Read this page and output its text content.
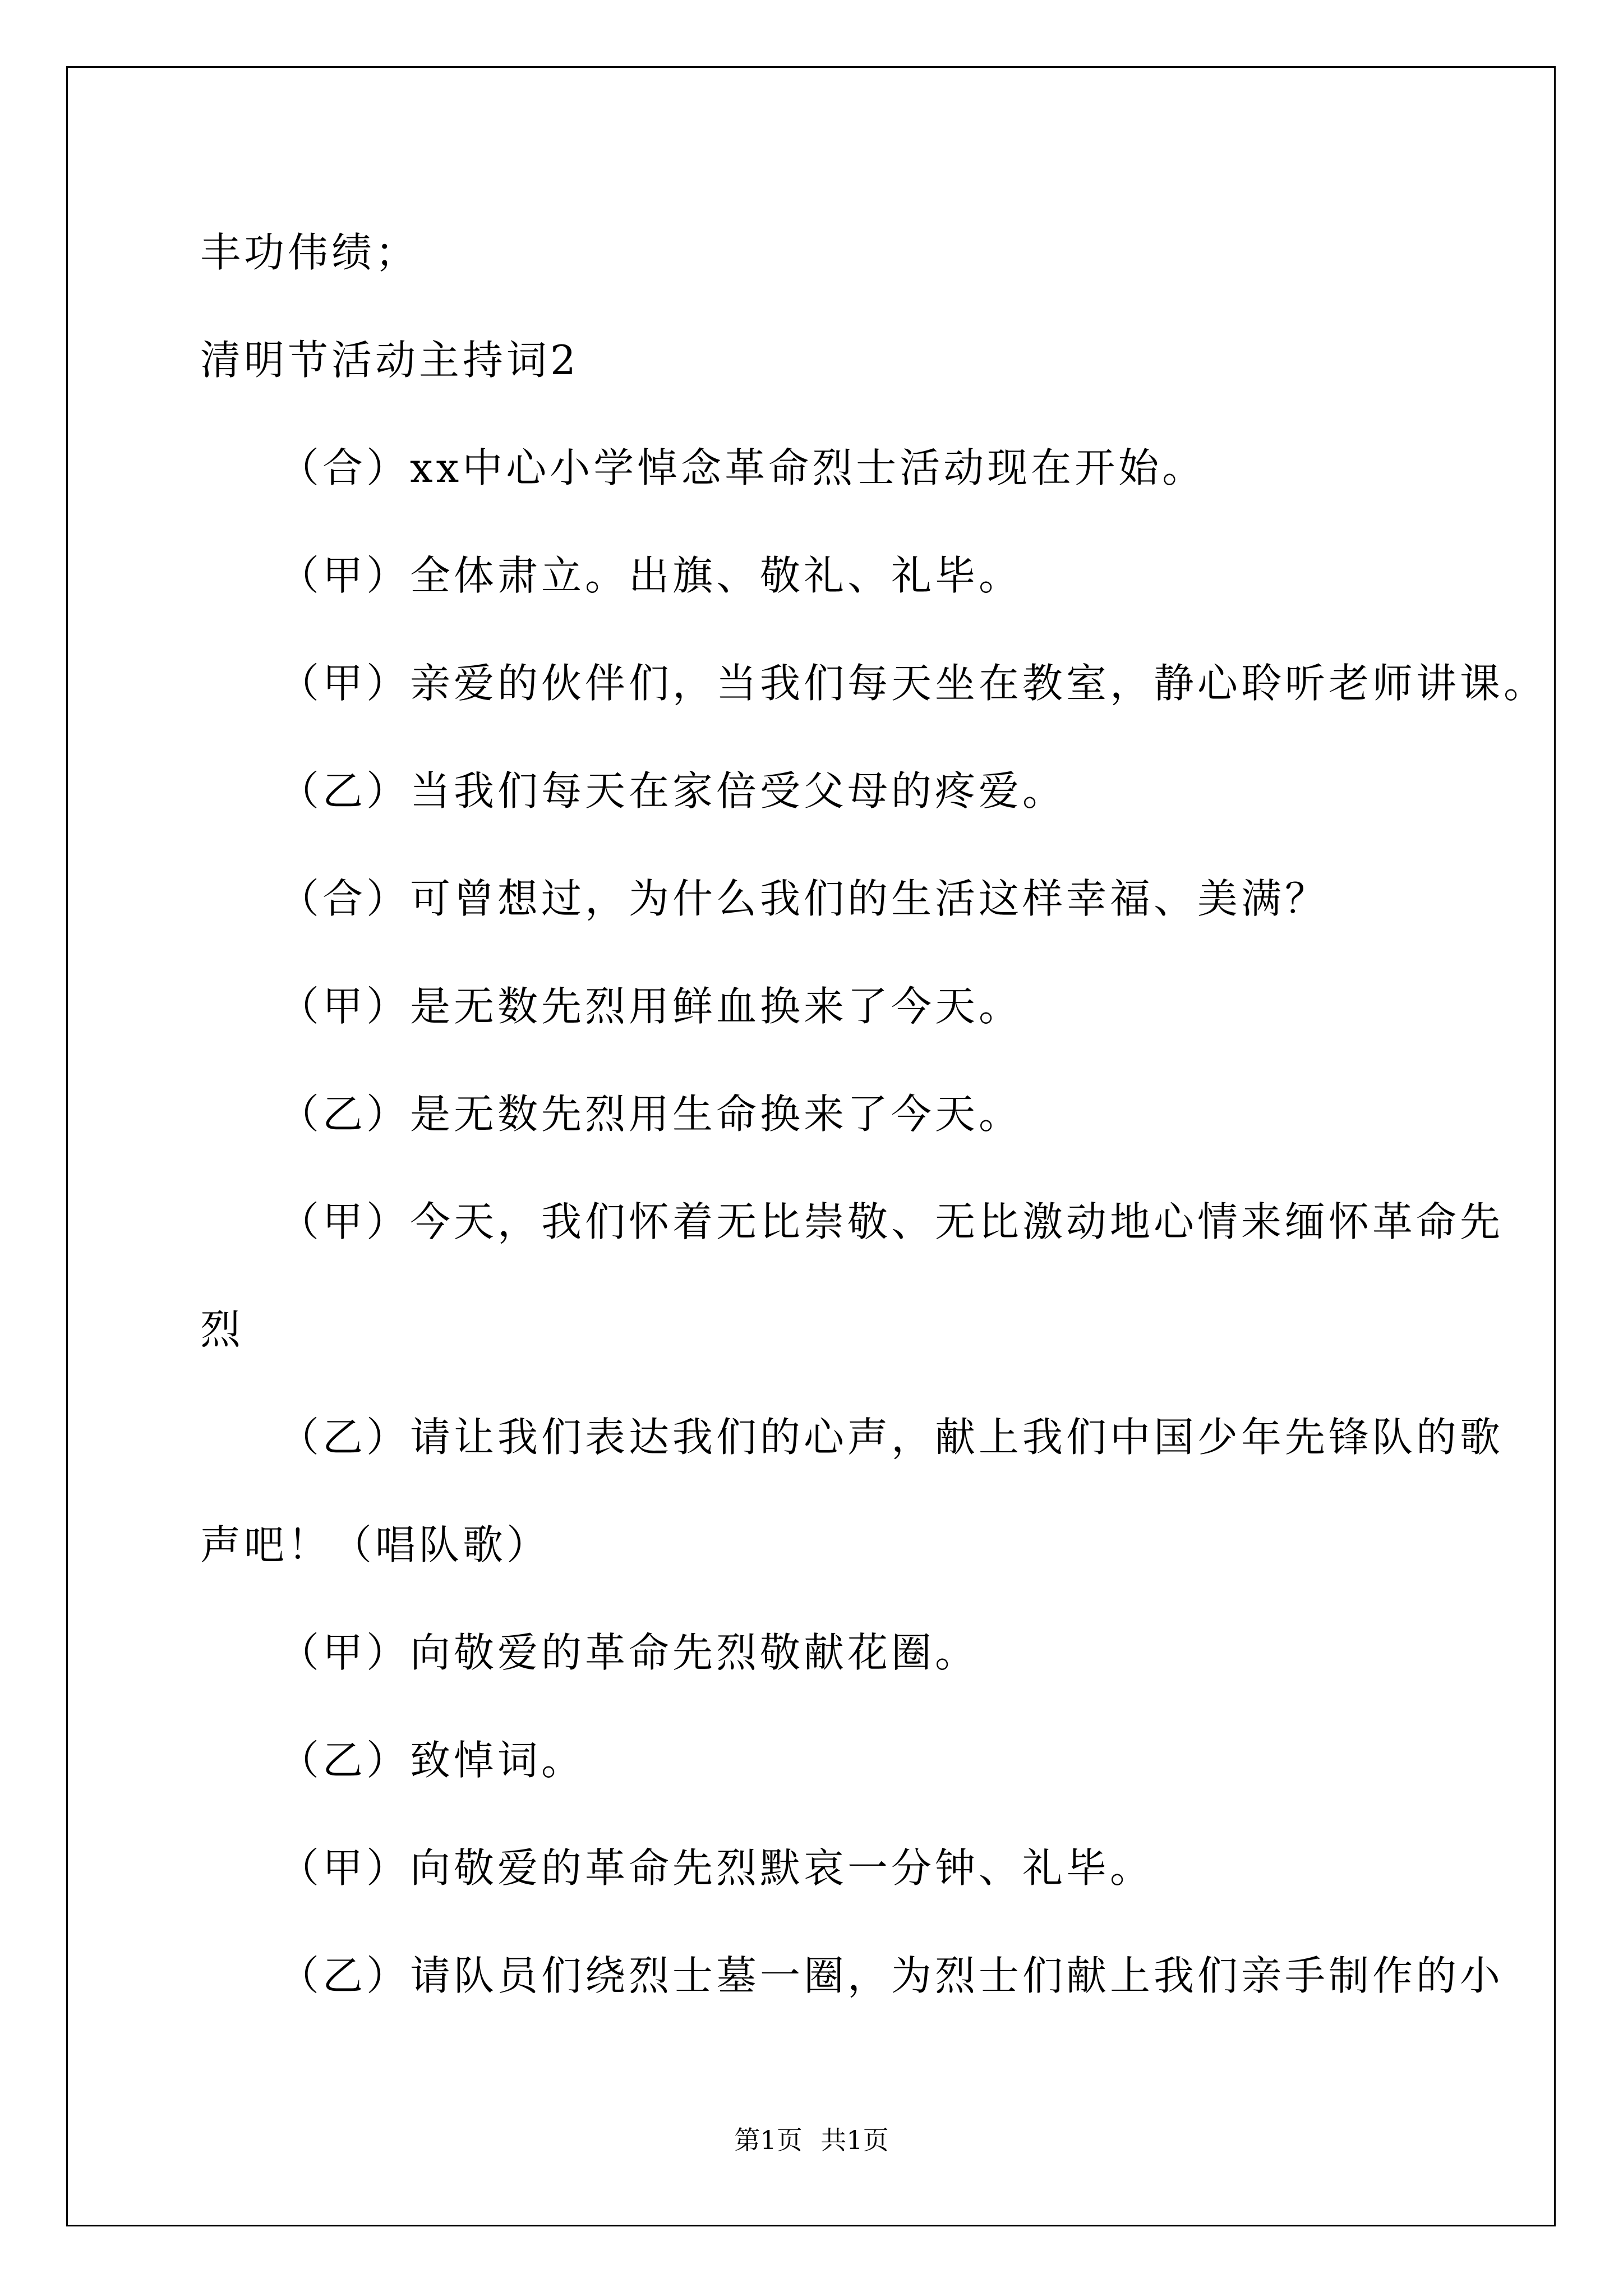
丰功伟绩；
清明节活动主持词2
（合）xx中心小学悼念革命烈士活动现在开始。
（甲）全体肃立。出旗、敬礼、礼毕。
（甲）亲爱的伙伴们，当我们每天坐在教室，静心聆听老师讲课。
（乙）当我们每天在家倍受父母的疼爱。
（合）可曾想过，为什么我们的生活这样幸福、美满？
（甲）是无数先烈用鲜血换来了今天。
（乙）是无数先烈用生命换来了今天。
（甲）今天，我们怀着无比崇敬、无比激动地心情来缅怀革命先
烈
（乙）请让我们表达我们的心声，献上我们中国少年先锋队的歌
声吧！（唱队歌）
（甲）向敬爱的革命先烈敬献花圈。
（乙）致悼词。
（甲）向敬爱的革命先烈默哀一分钟、礼毕。
（乙）请队员们绕烈士墓一圈，为烈士们献上我们亲手制作的小
第1页 共1页
